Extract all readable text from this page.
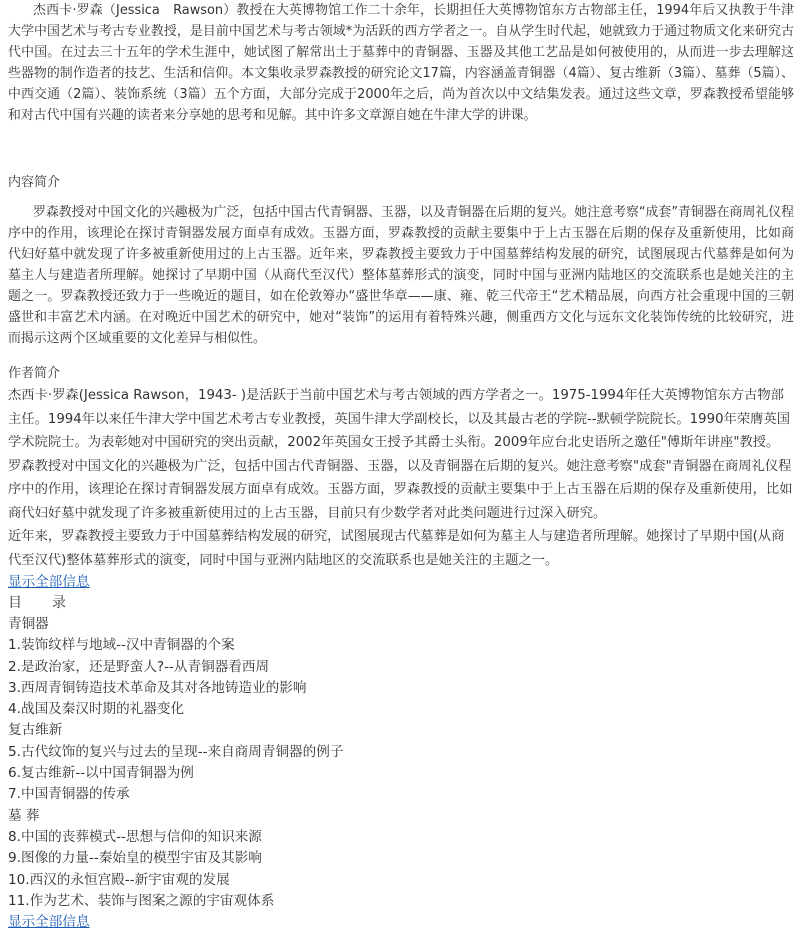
杰西卡·罗森（Jessica　Rawson）教授在大英博物馆工作二十余年，长期担任大英博物馆东方古物部主任，1994年后又执教于牛津大学中国艺术与考古专业教授，是目前中国艺术与考古领域*为活跃的西方学者之一。自从学生时代起，她就致力于通过物质文化来研究古代中国。在过去三十五年的学术生涯中，她试图了解常出土于墓葬中的青铜器、玉器及其他工艺品是如何被使用的，从而进一步去理解这些器物的制作造者的技艺、生活和信仰。本文集收录罗森教授的研究论文17篇，内容涵盖青铜器（4篇）、复古维新（3篇）、墓葬（5篇）、中西交通（2篇）、装饰系统（3篇）五个方面，大部分完成于2000年之后，尚为首次以中文结集发表。通过这些文章，罗森教授希望能够和对古代中国有兴趣的读者来分享她的思考和见解。其中许多文章源自她在牛津大学的讲课。

内容简介

罗森教授对中国文化的兴趣极为广泛，包括中国古代青铜器、玉器，以及青铜器在后期的复兴。她注意考察“成套”青铜器在商周礼仪程序中的作用，该理论在探讨青铜器发展方面卓有成效。玉器方面，罗森教授的贡献主要集中于上古玉器在后期的保存及重新使用，比如商代妇好墓中就发现了许多被重新使用过的上古玉器。近年来，罗森教授主要致力于中国墓葬结构发展的研究，试图展现古代墓葬是如何为墓主人与建造者所理解。她探讨了早期中国（从商代至汉代）整体墓葬形式的演变，同时中国与亚洲内陆地区的交流联系也是她关注的主题之一。罗森教授还致力于一些晚近的题目，如在伦敦筹办“盛世华章——康、雍、乾三代帝王“艺术精品展，向西方社会重现中国的三朝盛世和丰富艺术内涵。在对晚近中国艺术的研究中，她对“装饰”的运用有着特殊兴趣，侧重西方文化与远东文化装饰传统的比较研究，进而揭示这两个区域重要的文化差异与相似性。

作者简介

杰西卡·罗森(Jessica Rawson，1943- )是活跃于当前中国艺术与考古领域的西方学者之一。1975-1994年任大英博物馆东方古物部主任。1994年以来任牛津大学中国艺术考古专业教授，英国牛津大学副校长，以及其最古老的学院--默顿学院院长。1990年荣膺英国学术院院士。为表彰她对中国研究的突出贡献，2002年英国女王授予其爵士头衔。2009年应台北史语所之邀任"傅斯年讲座"教授。

罗森教授对中国文化的兴趣极为广泛，包括中国古代青铜器、玉器，以及青铜器在后期的复兴。她注意考察"成套"青铜器在商周礼仪程序中的作用，该理论在探讨青铜器发展方面卓有成效。玉器方面，罗森教授的贡献主要集中于上古玉器在后期的保存及重新使用，比如商代妇好墓中就发现了许多被重新使用过的上古玉器，目前只有少数学者对此类问题进行过深入研究。

近年来，罗森教授主要致力于中国墓葬结构发展的研究，试图展现古代墓葬是如何为墓主人与建造者所理解。她探讨了早期中国(从商代至汉代)整体墓葬形式的演变，同时中国与亚洲内陆地区的交流联系也是她关注的主题之一。

显示全部信息
目 录
青铜器
1.装饰纹样与地域--汉中青铜器的个案
2.是政治家，还是野蛮人?--从青铜器看西周
3.西周青铜铸造技术革命及其对各地铸造业的影响
4.战国及秦汉时期的礼器变化
复古维新
5.古代纹饰的复兴与过去的呈现--来自商周青铜器的例子
6.复古维新--以中国青铜器为例
7.中国青铜器的传承
墓 葬
8.中国的丧葬模式--思想与信仰的知识来源
9.图像的力量--秦始皇的模型宇宙及其影响
10.西汉的永恒宫殿--新宇宙观的发展
11.作为艺术、装饰与图案之源的宇宙观体系
显示全部信息
